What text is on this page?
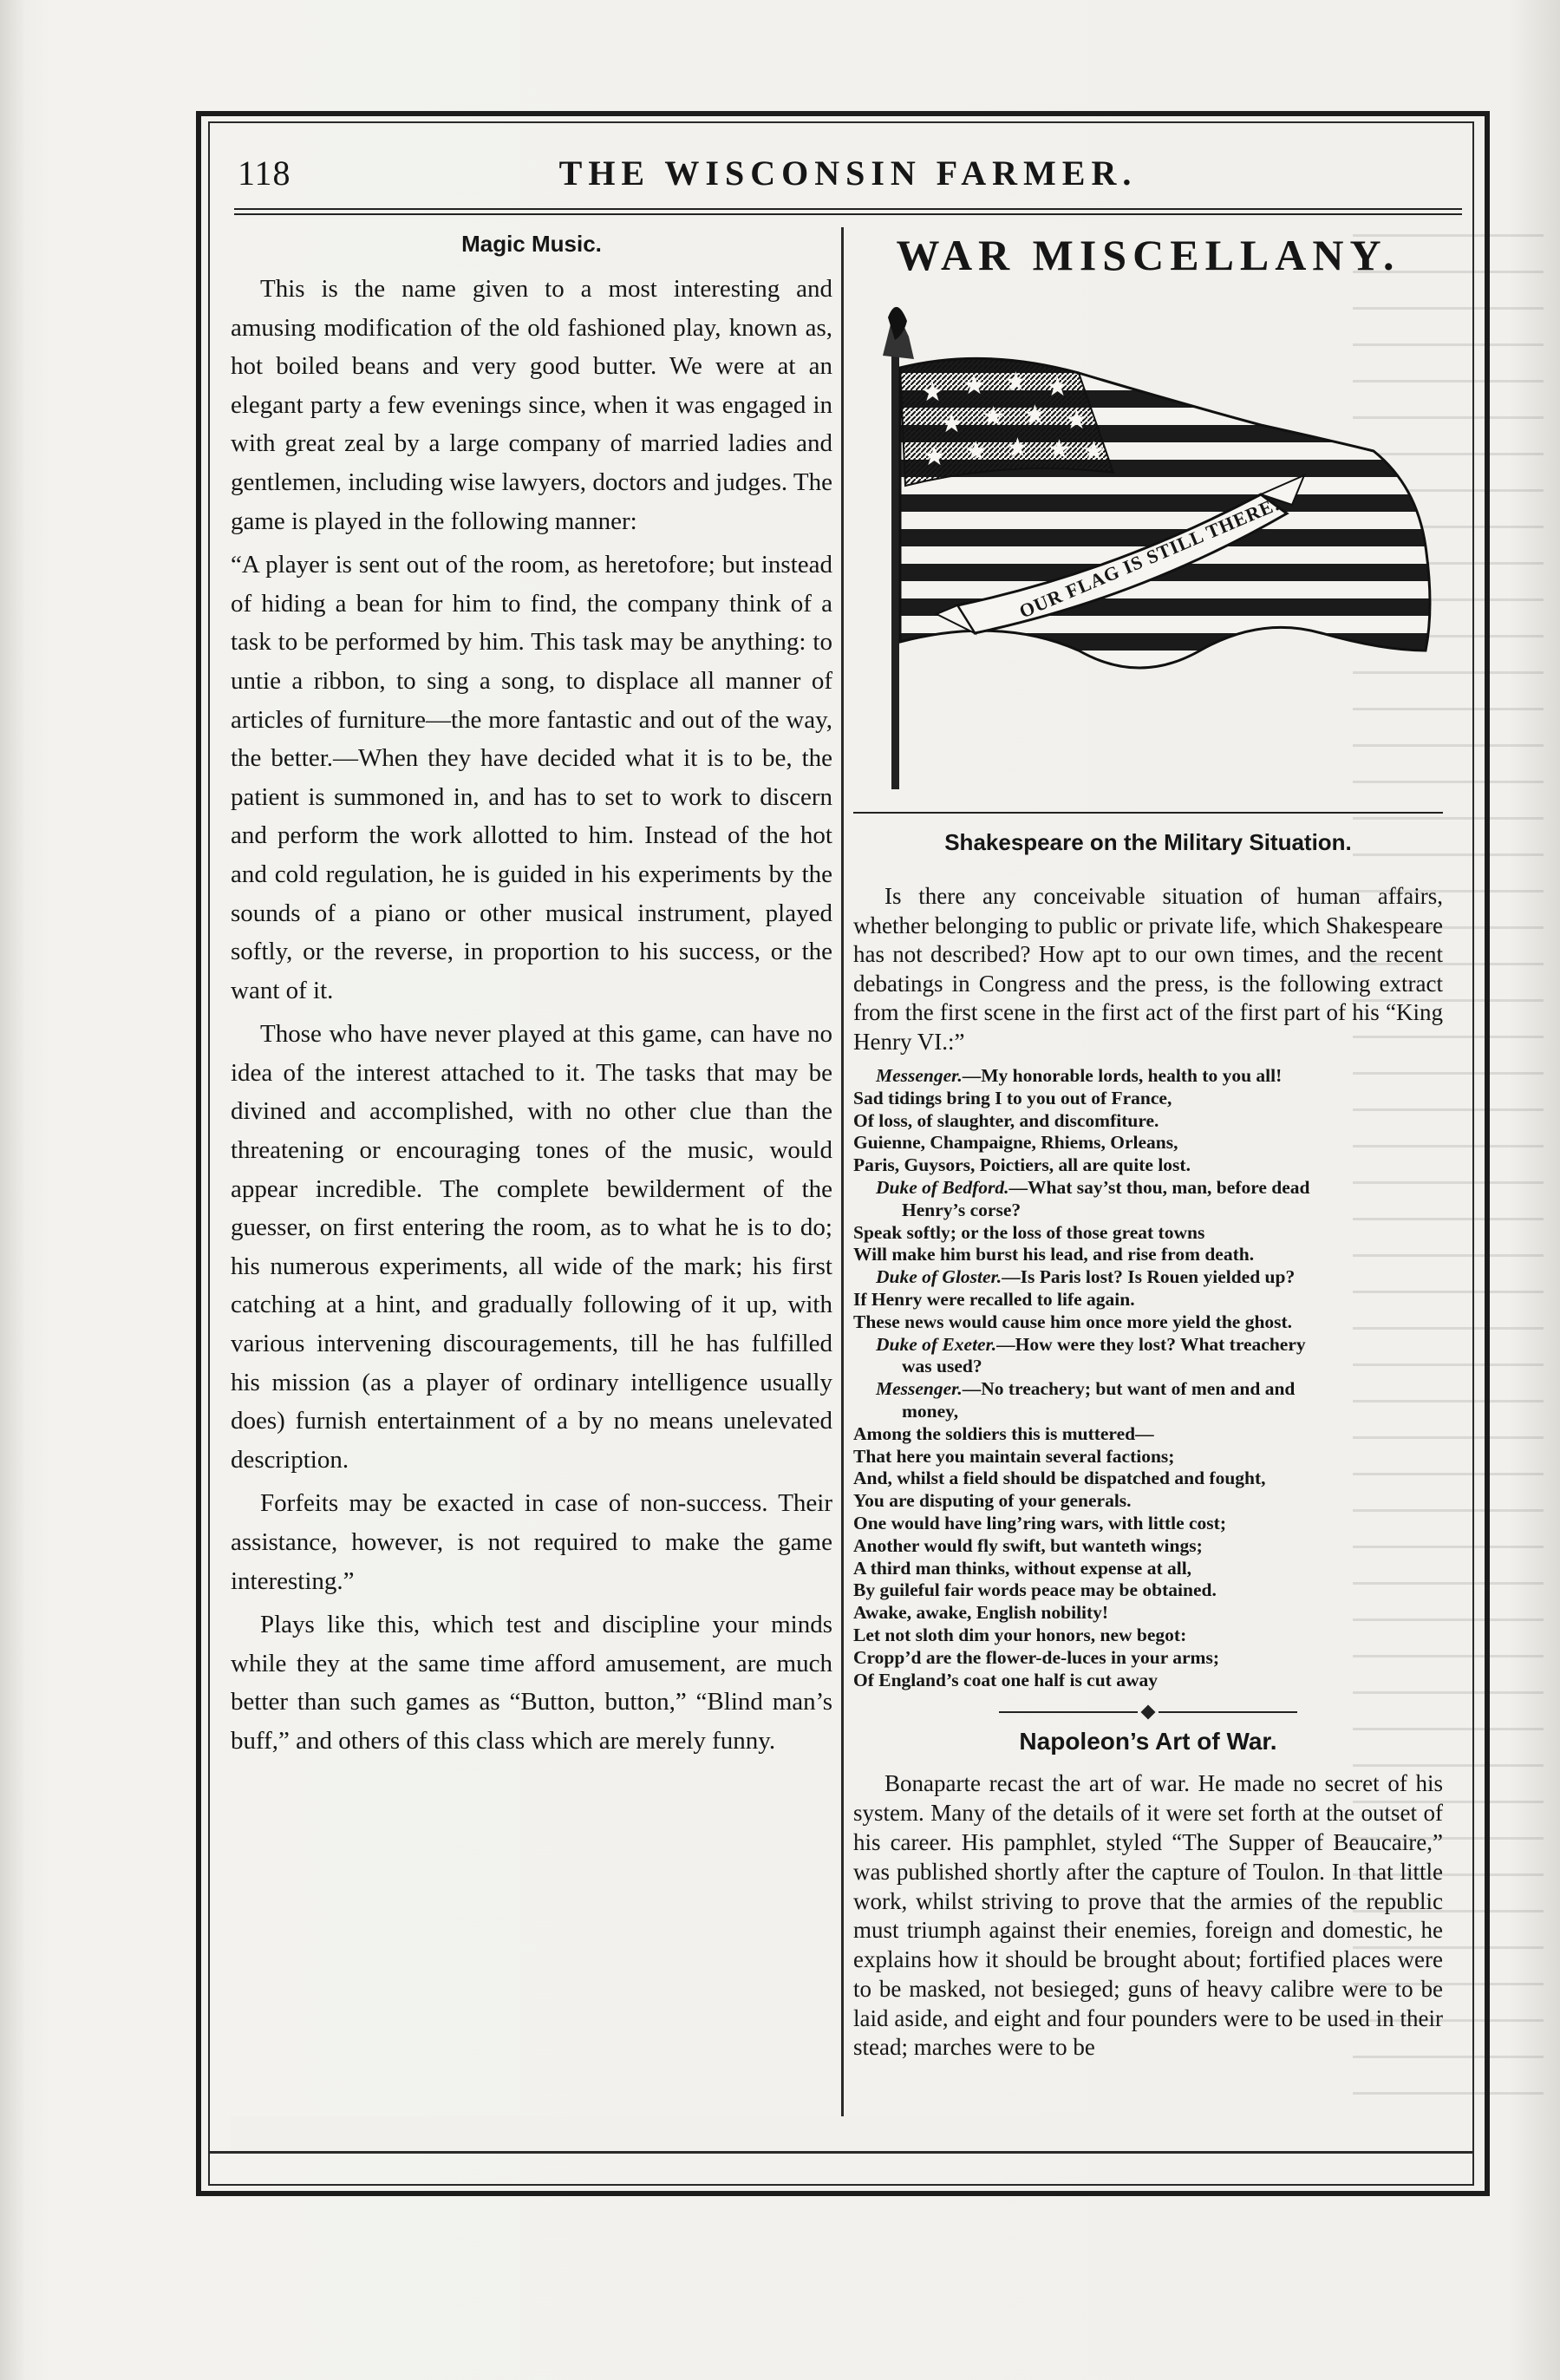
118	THE WISCONSIN FARMER.
Magic Music.

This is the name given to a most interesting and amusing modification of the old fashioned play, known as, hot boiled beans and very good butter. We were at an elegant party a few evenings since, when it was engaged in with great zeal by a large company of married ladies and gentlemen, including wise lawyers, doctors and judges. The game is played in the following manner:

“A player is sent out of the room, as heretofore; but instead of hiding a bean for him to find, the company think of a task to be performed by him. This task may be anything: to untie a ribbon, to sing a song, to displace all manner of articles of furniture—the more fantastic and out of the way, the better.—When they have decided what it is to be, the patient is summoned in, and has to set to work to discern and perform the work allotted to him. Instead of the hot and cold regulation, he is guided in his experiments by the sounds of a piano or other musical instrument, played softly, or the reverse, in proportion to his success, or the want of it.

Those who have never played at this game, can have no idea of the interest attached to it. The tasks that may be divined and accomplished, with no other clue than the threatening or encouraging tones of the music, would appear incredible. The complete bewilderment of the guesser, on first entering the room, as to what he is to do; his numerous experiments, all wide of the mark; his first catching at a hint, and gradually following of it up, with various intervening discouragements, till he has fulfilled his mission (as a player of ordinary intelligence usually does) furnish entertainment of a by no means unelevated description.

Forfeits may be exacted in case of non-success. Their assistance, however, is not required to make the game interesting.”

Plays like this, which test and discipline your minds while they at the same time afford amusement, are much better than such games as “Button, button,” “Blind man’s buff,” and others of this class which are merely funny.

WAR MISCELLANY.
★ ★ ★ ★
★ ★ ★ ★
★ ★ ★ ★ ★
OUR FLAG IS STILL THERE!
Shakespeare on the Military Situation.

Is there any conceivable situation of human affairs, whether belonging to public or private life, which Shakespeare has not described? How apt to our own times, and the recent debatings in Congress and the press, is the following extract from the first scene in the first act of the first part of his “King Henry VI.:”

Messenger.—My honorable lords, health to you all!
Sad tidings bring I to you out of France,
Of loss, of slaughter, and discomfiture.
Guienne, Champaigne, Rhiems, Orleans,
Paris, Guysors, Poictiers, all are quite lost.
Duke of Bedford.—What say’st thou, man, before dead
Henry’s corse?
Speak softly; or the loss of those great towns
Will make him burst his lead, and rise from death.
Duke of Gloster.—Is Paris lost? Is Rouen yielded up?
If Henry were recalled to life again.
These news would cause him once more yield the ghost.
Duke of Exeter.—How were they lost? What treachery
was used?
Messenger.—No treachery; but want of men and and
money,
Among the soldiers this is muttered—
That here you maintain several factions;
And, whilst a field should be dispatched and fought,
You are disputing of your generals.
One would have ling’ring wars, with little cost;
Another would fly swift, but wanteth wings;
A third man thinks, without expense at all,
By guileful fair words peace may be obtained.
Awake, awake, English nobility!
Let not sloth dim your honors, new begot:
Cropp’d are the flower-de-luces in your arms;
Of England’s coat one half is cut away
Napoleon’s Art of War.

Bonaparte recast the art of war. He made no secret of his system. Many of the details of it were set forth at the outset of his career. His pamphlet, styled “The Supper of Beaucaire,” was published shortly after the capture of Toulon. In that little work, whilst striving to prove that the armies of the republic must triumph against their enemies, foreign and domestic, he explains how it should be brought about; fortified places were to be masked, not besieged; guns of heavy calibre were to be laid aside, and eight and four pounders were to be used in their stead; marches were to be
